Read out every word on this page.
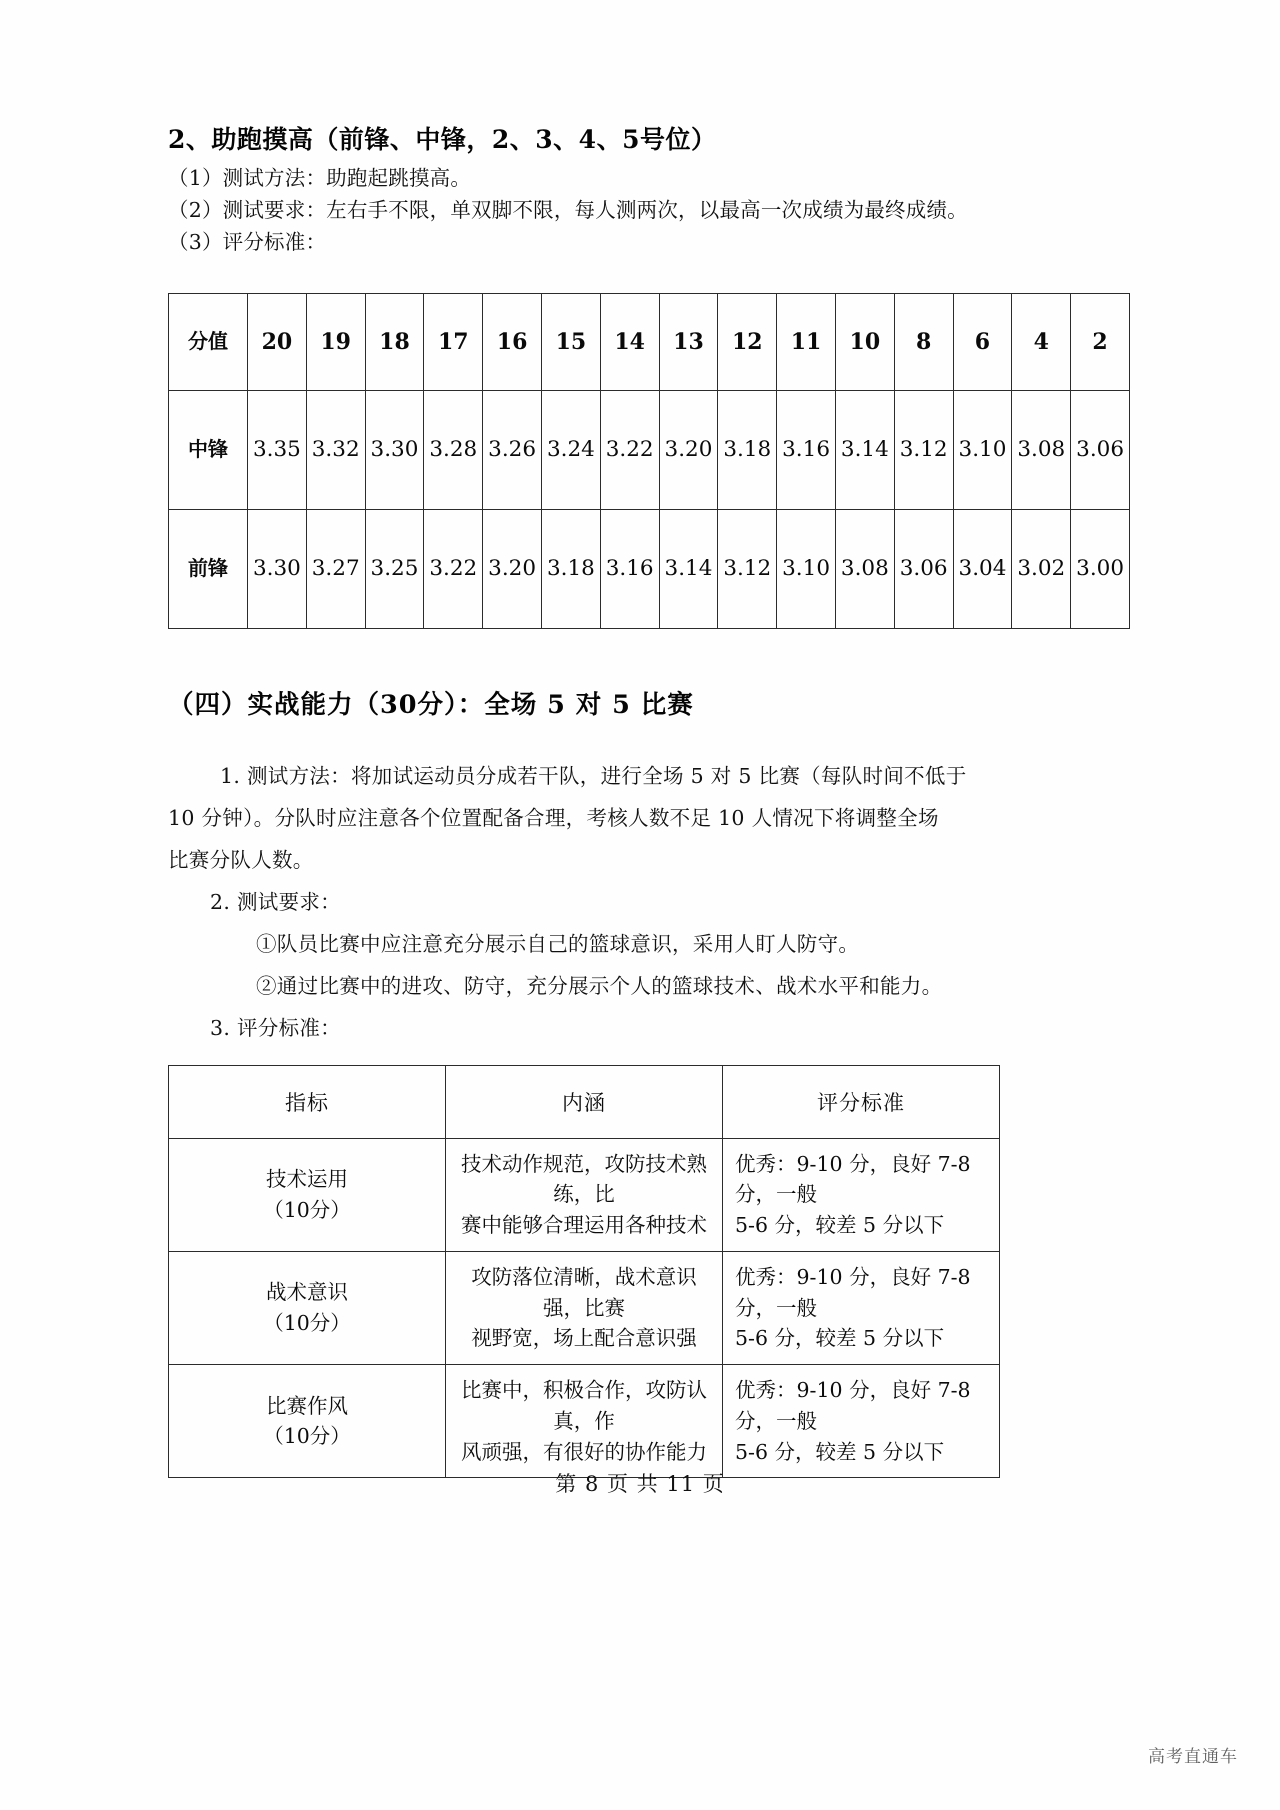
2、助跑摸高（前锋、中锋，2、3、4、5号位）

（1）测试方法：助跑起跳摸高。

（2）测试要求：左右手不限，单双脚不限，每人测两次，以最高一次成绩为最终成绩。

（3）评分标准：

分值	20	19	18	17	16	15	14	13	12	11	10	8	6	4	2
中锋	3.35	3.32	3.30	3.28	3.26	3.24	3.22	3.20	3.18	3.16	3.14	3.12	3.10	3.08	3.06
前锋	3.30	3.27	3.25	3.22	3.20	3.18	3.16	3.14	3.12	3.10	3.08	3.06	3.04	3.02	3.00
（四）实战能力（30分）：全场 5 对 5 比赛

1. 测试方法：将加试运动员分成若干队，进行全场 5 对 5 比赛（每队时间不低于

10 分钟）。分队时应注意各个位置配备合理，考核人数不足 10 人情况下将调整全场

比赛分队人数。

2. 测试要求：

①队员比赛中应注意充分展示自己的篮球意识，采用人盯人防守。

②通过比赛中的进攻、防守，充分展示个人的篮球技术、战术水平和能力。

3. 评分标准：

指标	内涵	评分标准

技术运用
（10分）	技术动作规范，攻防技术熟练，比
赛中能够合理运用各种技术	优秀：9-10 分，良好 7-8 分，一般
5-6 分，较差 5 分以下

战术意识
（10分）	攻防落位清晰，战术意识强，比赛
视野宽，场上配合意识强	优秀：9-10 分，良好 7-8 分，一般
5-6 分，较差 5 分以下

比赛作风
（10分）	比赛中，积极合作，攻防认真，作
风顽强，有很好的协作能力	优秀：9-10 分，良好 7-8 分，一般
5-6 分，较差 5 分以下
第 8 页 共 11 页
高考直通车
